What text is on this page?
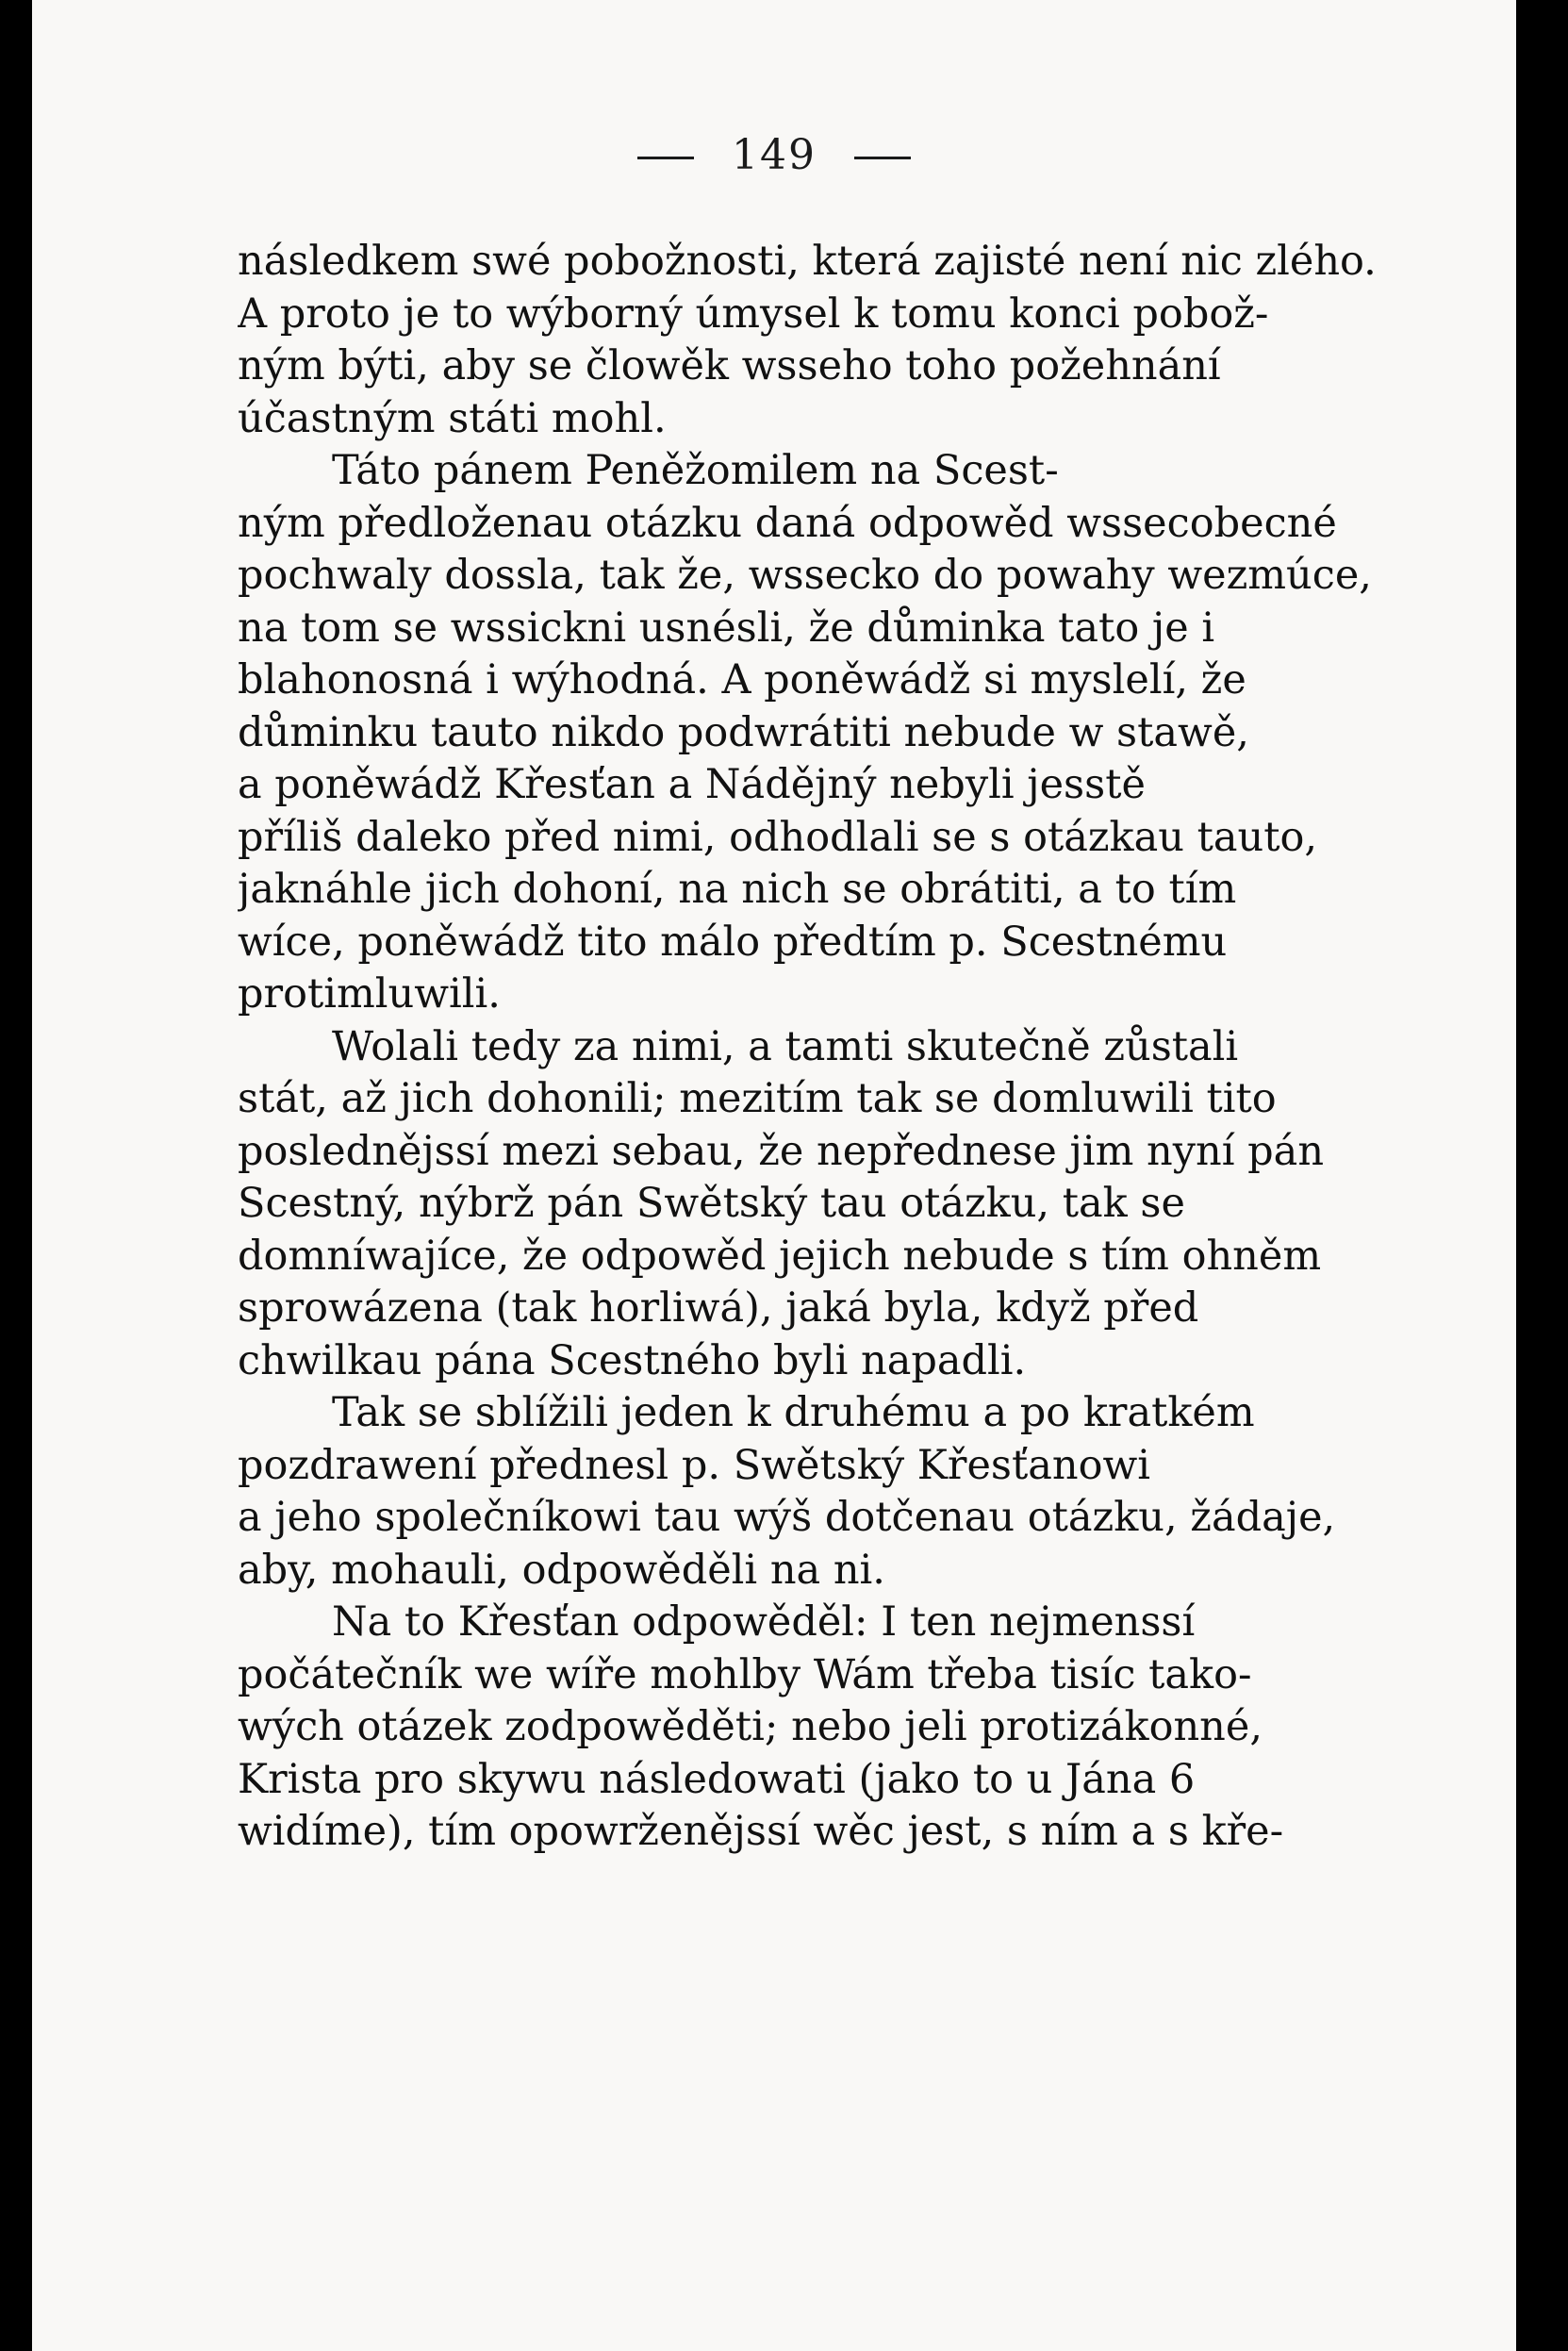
149

následkem swé pobožnosti, která zajisté není nic zlého.
A proto je to wýborný úmysel k tomu konci pobož-
ným býti, aby se člowěk wsseho toho požehnání
účastným státi mohl.

Táto pánem Peněžomilem na Scest-
ným předloženau otázku daná odpowěd wssecobecné
pochwaly dossla, tak že, wssecko do powahy wezmúce,
na tom se wssickni usnésli, že důminka tato je i
blahonosná i wýhodná. A poněwádž si myslelí, že
důminku tauto nikdo podwrátiti nebude w stawě,
a poněwádž Křesťan a Nádějný nebyli jesstě
příliš daleko před nimi, odhodlali se s otázkau tauto,
jaknáhle jich dohoní, na nich se obrátiti, a to tím
wíce, poněwádž tito málo předtím p. Scestnému
protimluwili.

Wolali tedy za nimi, a tamti skutečně zůstali
stát, až jich dohonili; mezitím tak se domluwili tito
posledněјssí mezi sebau, že nepřednese jim nyní pán
Scestný, nýbrž pán Swětský tau otázku, tak se
domníwajíce, že odpowěd jejich nebude s tím ohněm
sprowázena (tak horliwá), jaká byla, když před
chwilkau pána Scestného byli napadli.

Tak se sblížili jeden k druhému a po kratkém
pozdrawení přednesl p. Swětský Křesťanowi
a jeho společníkowi tau wýš dotčenau otázku, žádaje,
aby, mohauli, odpowěděli na ni.

Na to Křesťan odpowěděl: I ten nejmenssí
počátečník we wíře mohlby Wám třeba tisíc tako-
wých otázek zodpowěděti; nebo jeli protizákonné,
Krista pro skywu následowati (jako to u Jána 6
widíme), tím opowrženějssí wěc jest, s ním a s kře-
